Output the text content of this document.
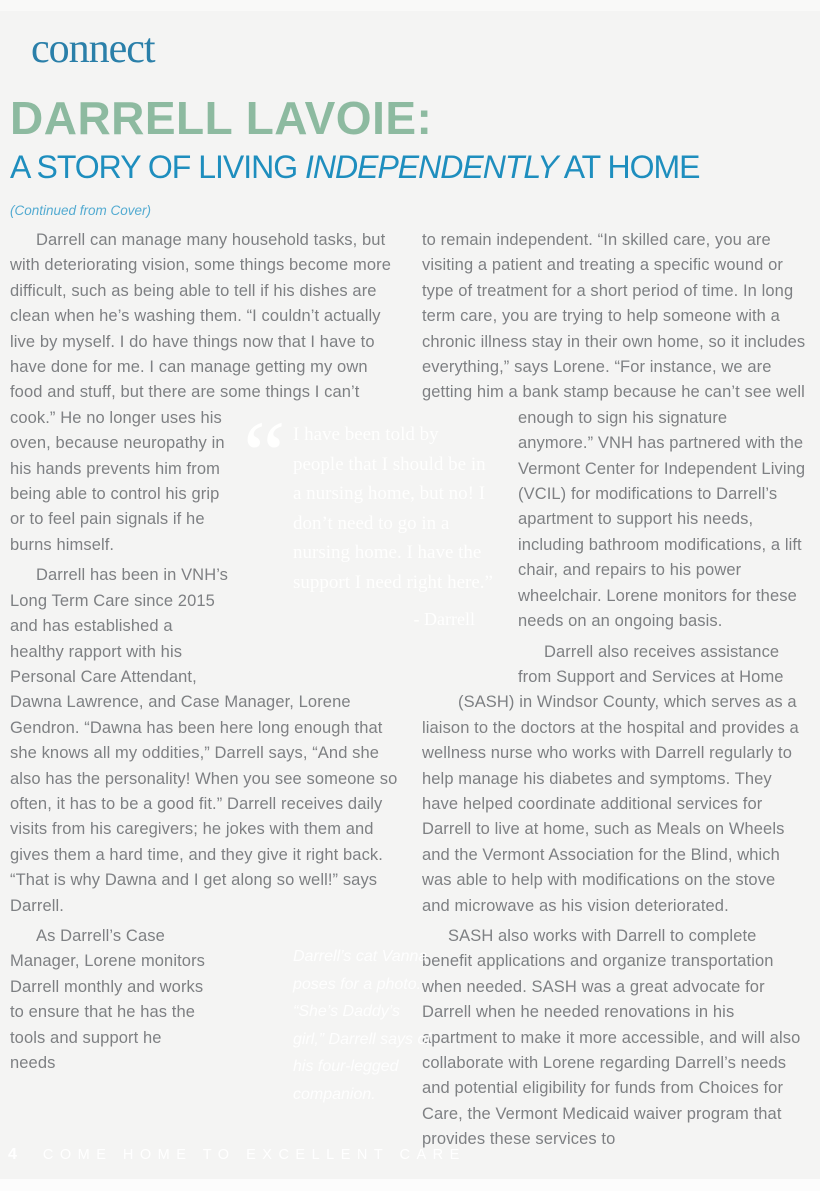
connect
DARRELL LAVOIE:
A STORY OF LIVING INDEPENDENTLY AT HOME
(Continued from Cover)

Darrell can manage many household tasks, but with deteriorating vision, some things become more difficult, such as being able to tell if his dishes are clean when he’s washing them. “I couldn’t actually live by myself. I do have things now that I have to have done for me. I can manage getting my own food and stuff, but there are some things I can’t cook.” He no longer uses his oven, because neuropathy in his hands prevents him from being able to control his grip or to feel pain signals if he burns himself.

Darrell has been in VNH’s Long Term Care since 2015 and has established a healthy rapport with his Personal Care Attendant, Dawna Lawrence, and Case Manager, Lorene Gendron. “Dawna has been here long enough that she knows all my oddities,” Darrell says, “And she also has the personality! When you see someone so often, it has to be a good fit.” Darrell receives daily visits from his caregivers; he jokes with them and gives them a hard time, and they give it right back. “That is why Dawna and I get along so well!” says Darrell.

As Darrell’s Case Manager, Lorene monitors Darrell monthly and works to ensure that he has the tools and support he needs

to remain independent. “In skilled care, you are visiting a patient and treating a specific wound or type of treatment for a short period of time. In long term care, you are trying to help someone with a chronic illness stay in their own home, so it includes everything,” says Lorene. “For instance, we are getting him a bank stamp because he can’t see well enough to sign his signature anymore.” VNH has partnered with the Vermont Center for Independent Living (VCIL) for modifications to Darrell’s apartment to support his needs, including bathroom modifications, a lift chair, and repairs to his power wheelchair. Lorene monitors for these needs on an ongoing basis.

Darrell also receives assistance from Support and Services at Home (SASH) in Windsor County, which serves as a liaison to the doctors at the hospital and provides a wellness nurse who works with Darrell regularly to help manage his diabetes and symptoms. They have helped coordinate additional services for Darrell to live at home, such as Meals on Wheels and the Vermont Association for the Blind, which was able to help with modifications on the stove and microwave as his vision deteriorated.

SASH also works with Darrell to complete benefit applications and organize transportation when needed. SASH was a great advocate for Darrell when he needed renovations in his apartment to make it more accessible, and will also collaborate with Lorene regarding Darrell’s needs and potential eligibility for funds from Choices for Care, the Vermont Medicaid waiver program that provides these services to

“ I have been told by people that I should be in a nursing home, but no! I don’t need to go in a nursing home. I have the support I need right here.”

- Darrell

Darrell’s cat Vanna poses for a photo. “She’s Daddy’s girl,” Darrell says of his four-legged companion.
4 COME HOME TO EXCELLENT CARE
